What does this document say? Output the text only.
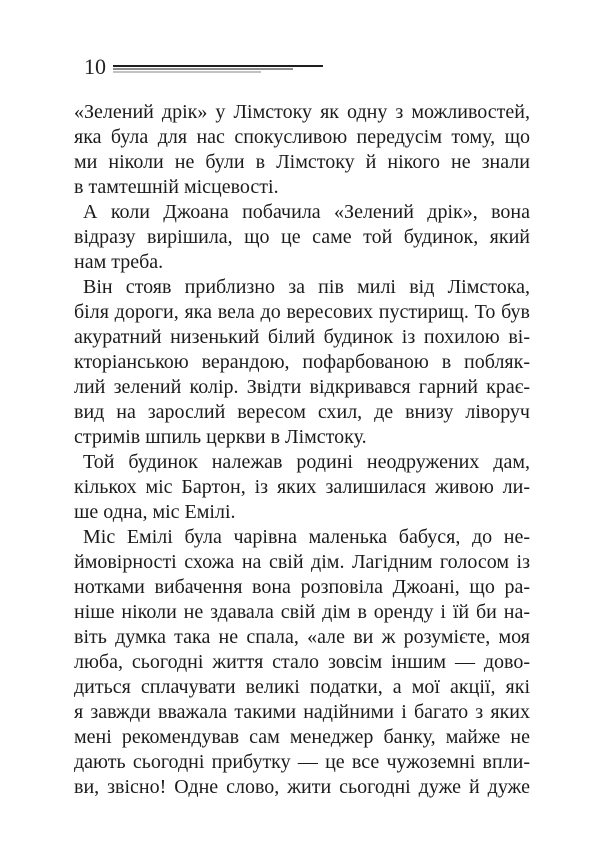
10
«Зелений дрік» у Лімстоку як одну з можливостей,
яка була для нас спокусливою передусім тому, що
ми ніколи не були в Лімстоку й нікого не знали
в тамтешній місцевості.
А коли Джоана побачила «Зелений дрік», вона
відразу вирішила, що це саме той будинок, який
нам треба.
Він стояв приблизно за пів милі від Лімстока,
біля дороги, яка вела до вересових пустирищ. То був
акуратний низенький білий будинок із похилою ві-
кторіанською верандою, пофарбованою в побляк-
лий зелений колір. Звідти відкривався гарний крає-
вид на зарослий вересом схил, де внизу ліворуч
стримів шпиль церкви в Лімстоку.
Той будинок належав родині неодружених дам,
кількох міс Бартон, із яких залишилася живою ли-
ше одна, міс Емілі.
Міс Емілі була чарівна маленька бабуся, до не-
ймовірності схожа на свій дім. Лагідним голосом із
нотками вибачення вона розповіла Джоані, що ра-
ніше ніколи не здавала свій дім в оренду і їй би на-
віть думка така не спала, «але ви ж розумієте, моя
люба, сьогодні життя стало зовсім іншим — дово-
диться сплачувати великі податки, а мої акції, які
я завжди вважала такими надійними і багато з яких
мені рекомендував сам менеджер банку, майже не
дають сьогодні прибутку — це все чужоземні впли-
ви, звісно! Одне слово, жити сьогодні дуже й дуже
